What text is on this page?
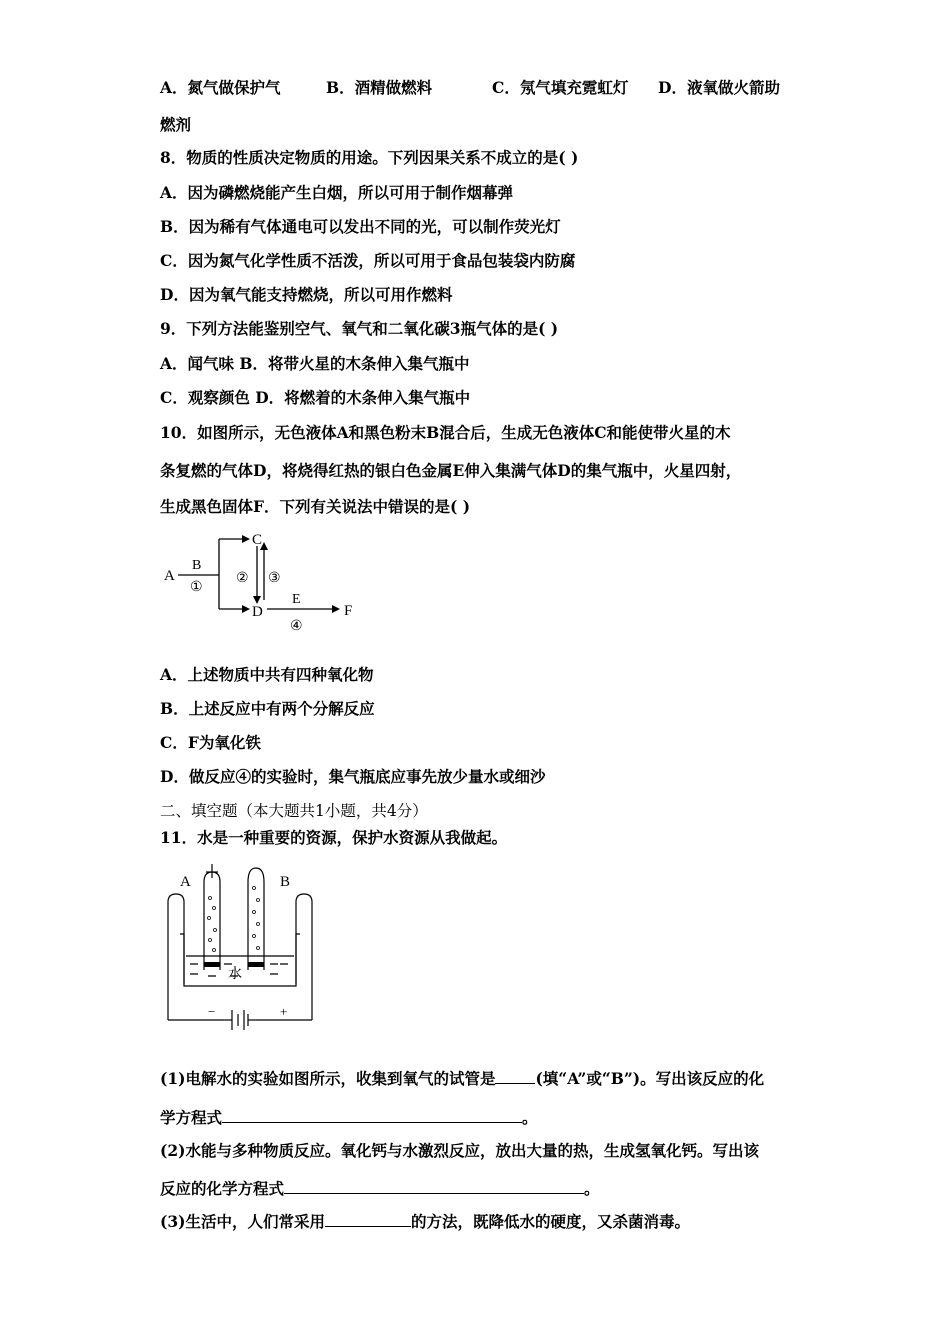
A．氮气做保护气	B．酒精做燃料	C．氖气填充霓虹灯 D．液氧做火箭助
燃剂
8．物质的性质决定物质的用途。下列因果关系不成立的是( )
A．因为磷燃烧能产生白烟，所以可用于制作烟幕弹
B．因为稀有气体通电可以发出不同的光，可以制作荧光灯
C．因为氮气化学性质不活泼，所以可用于食品包装袋内防腐
D．因为氧气能支持燃烧，所以可用作燃料
9．下列方法能鉴别空气、氧气和二氧化碳3瓶气体的是( )
A．闻气味 B．将带火星的木条伸入集气瓶中
C．观察颜色 D．将燃着的木条伸入集气瓶中
10．如图所示，无色液体A和黑色粉末B混合后，生成无色液体C和能使带火星的木
条复燃的气体D，将烧得红热的银白色金属E伸入集满气体D的集气瓶中，火星四射，
生成黑色固体F．下列有关说法中错误的是( )
A
B
①
C
② ③
D
E
④
F
A．上述物质中共有四种氧化物
B．上述反应中有两个分解反应
C．F为氧化铁
D．做反应④的实验时，集气瓶底应事先放少量水或细沙
二、填空题（本大题共1小题，共4分）
11．水是一种重要的资源，保护水资源从我做起。
A	B
水
−	+
(1)电解水的实验如图所示，收集到氧气的试管是	(填“A”或“B”)。写出该反应的化
学方程式	。
(2)水能与多种物质反应。氧化钙与水激烈反应，放出大量的热，生成氢氧化钙。写出该
反应的化学方程式	。
(3)生活中，人们常采用	的方法，既降低水的硬度，又杀菌消毒。
